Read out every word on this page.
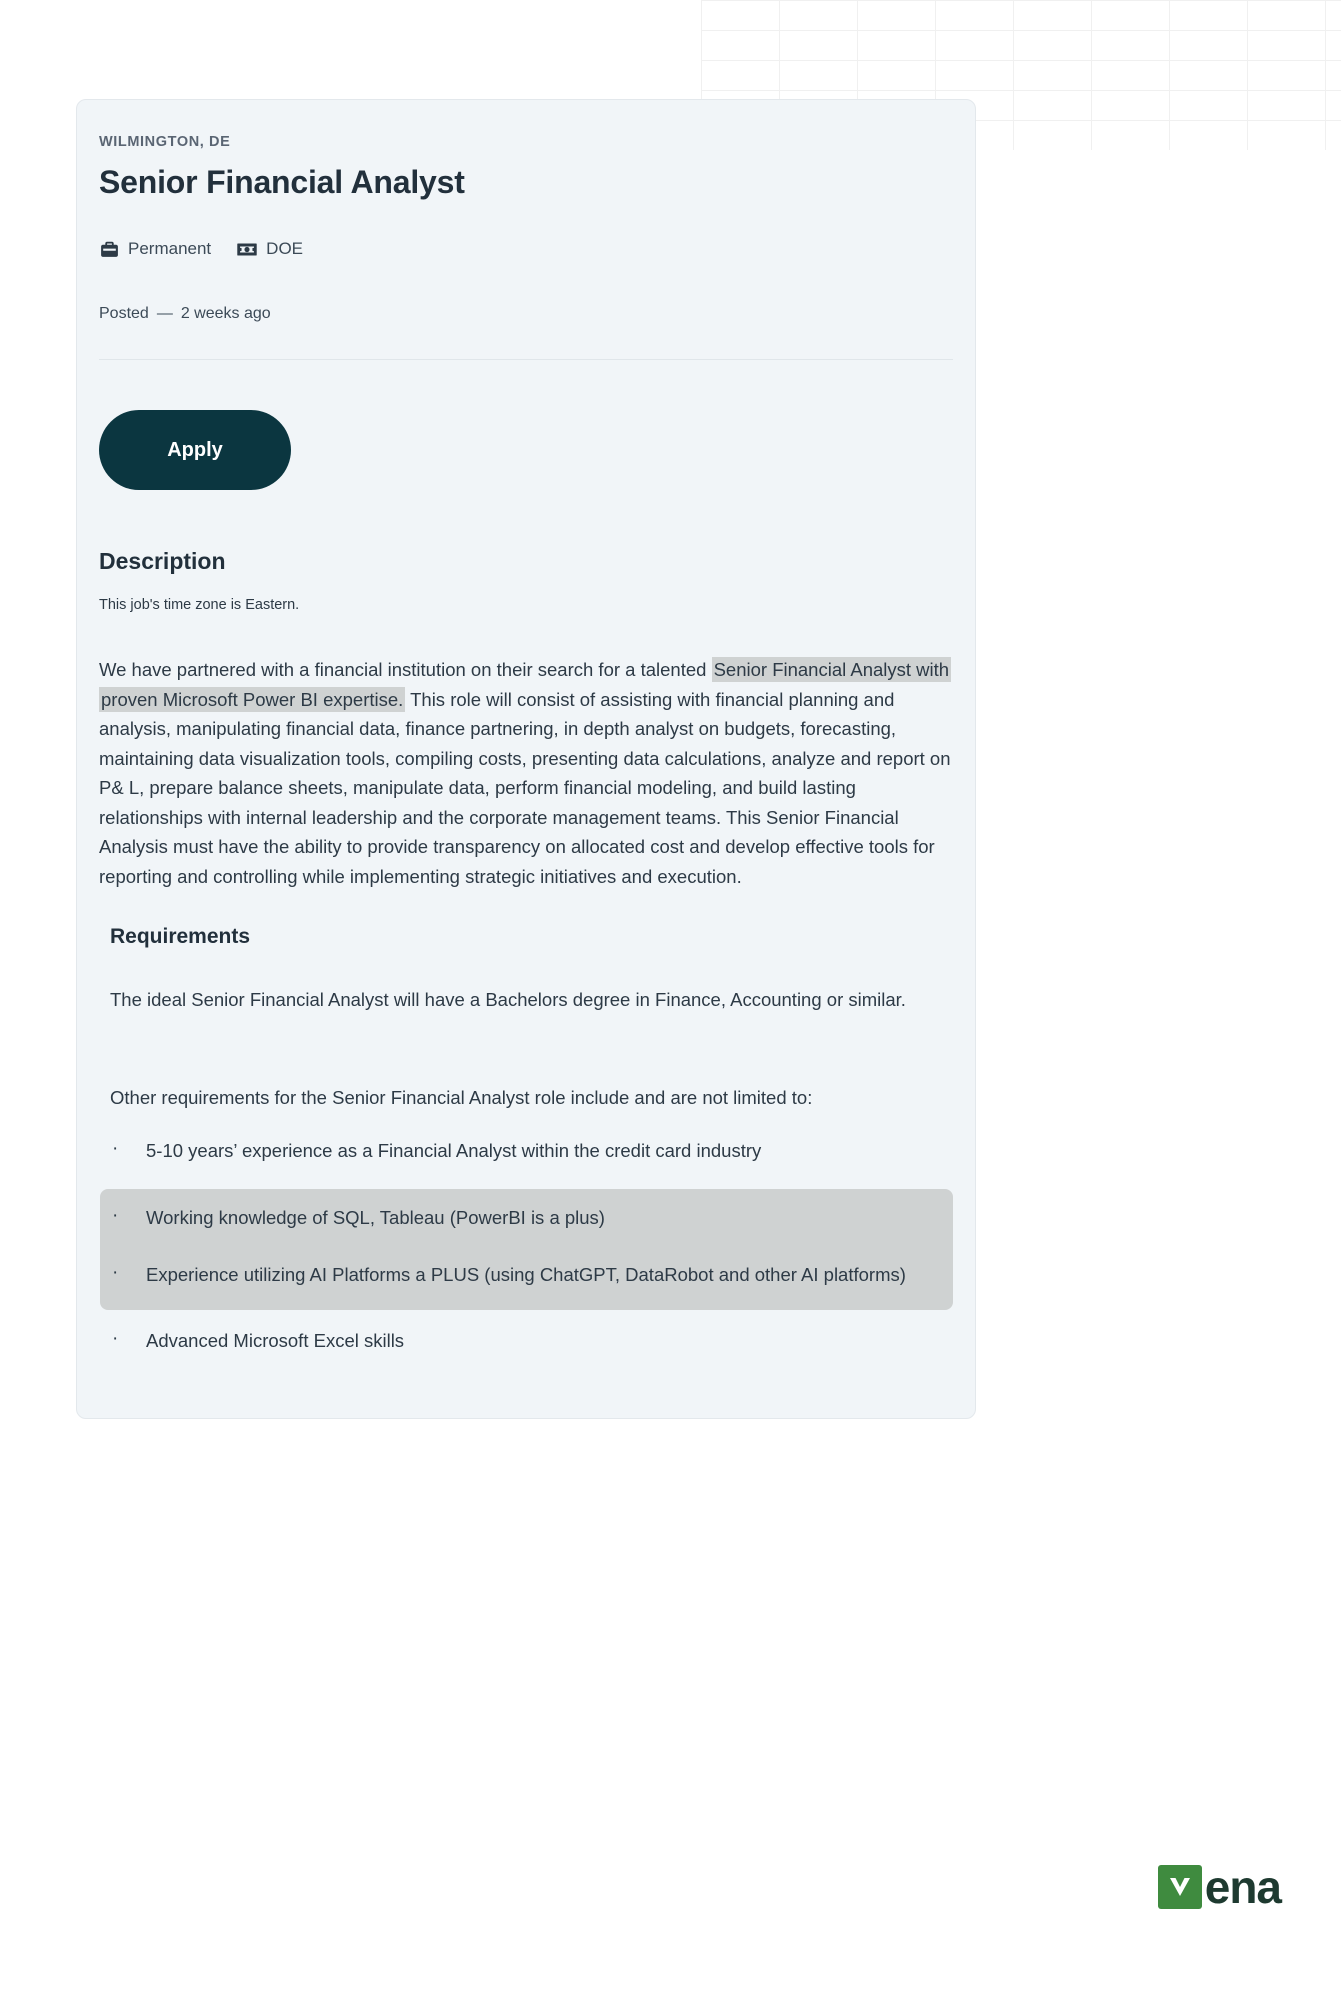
WILMINGTON, DE
Senior Financial Analyst
Permanent	DOE
Posted — 2 weeks ago
Apply
Description

This job's time zone is Eastern.

We have partnered with a financial institution on their search for a talented Senior Financial Analyst with proven Microsoft Power BI expertise. This role will consist of assisting with financial planning and analysis, manipulating financial data, finance partnering, in depth analyst on budgets, forecasting, maintaining data visualization tools, compiling costs, presenting data calculations, analyze and report on P& L, prepare balance sheets, manipulate data, perform financial modeling, and build lasting relationships with internal leadership and the corporate management teams. This Senior Financial Analysis must have the ability to provide transparency on allocated cost and develop effective tools for reporting and controlling while implementing strategic initiatives and execution.

Requirements

The ideal Senior Financial Analyst will have a Bachelors degree in Finance, Accounting or similar.

Other requirements for the Senior Financial Analyst role include and are not limited to:

· 5-10 years’ experience as a Financial Analyst within the credit card industry
· Working knowledge of SQL, Tableau (PowerBI is a plus)
· Experience utilizing AI Platforms a PLUS (using ChatGPT, DataRobot and other AI platforms)
· Advanced Microsoft Excel skills
ena
